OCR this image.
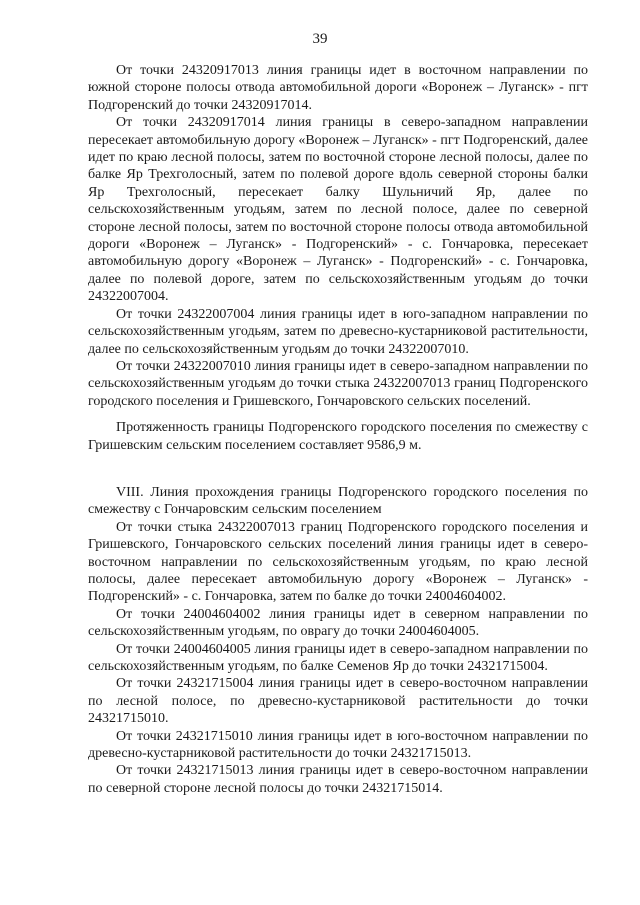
39

От точки 24320917013 линия границы идет в восточном направлении по южной стороне полосы отвода автомобильной дороги «Воронеж – Луганск» - пгт Подгоренский до точки 24320917014.

От точки 24320917014 линия границы в северо-западном направлении пересекает автомобильную дорогу «Воронеж – Луганск» - пгт Подгоренский, далее идет по краю лесной полосы, затем по восточной стороне лесной полосы, далее по балке Яр Трехголосный, затем по полевой дороге вдоль северной стороны балки Яр Трехголосный, пересекает балку Шульничий Яр, далее по сельскохозяйственным угодьям, затем по лесной полосе, далее по северной стороне лесной полосы, затем по восточной стороне полосы отвода автомобильной дороги «Воронеж – Луганск» - Подгоренский» - с. Гончаровка, пересекает автомобильную дорогу «Воронеж – Луганск» - Подгоренский» - с. Гончаровка, далее по полевой дороге, затем по сельскохозяйственным угодьям до точки 24322007004.

От точки 24322007004 линия границы идет в юго-западном направлении по сельскохозяйственным угодьям, затем по древесно-кустарниковой растительности, далее по сельскохозяйственным угодьям до точки 24322007010.

От точки 24322007010 линия границы идет в северо-западном направлении по сельскохозяйственным угодьям до точки стыка 24322007013 границ Подгоренского городского поселения и Гришевского, Гончаровского сельских поселений.

Протяженность границы Подгоренского городского поселения по смежеству с Гришевским сельским поселением составляет 9586,9 м.

VIII. Линия прохождения границы Подгоренского городского поселения по смежеству с Гончаровским сельским поселением

От точки стыка 24322007013 границ Подгоренского городского поселения и Гришевского, Гончаровского сельских поселений линия границы идет в северо-восточном направлении по сельскохозяйственным угодьям, по краю лесной полосы, далее пересекает автомобильную дорогу «Воронеж – Луганск» - Подгоренский» - с. Гончаровка, затем по балке до точки 24004604002.

От точки 24004604002 линия границы идет в северном направлении по сельскохозяйственным угодьям, по оврагу до точки 24004604005.

От точки 24004604005 линия границы идет в северо-западном направлении по сельскохозяйственным угодьям, по балке Семенов Яр до точки 24321715004.

От точки 24321715004 линия границы идет в северо-восточном направлении по лесной полосе, по древесно-кустарниковой растительности до точки 24321715010.

От точки 24321715010 линия границы идет в юго-восточном направлении по древесно-кустарниковой растительности до точки 24321715013.

От точки 24321715013 линия границы идет в северо-восточном направлении по северной стороне лесной полосы до точки 24321715014.
